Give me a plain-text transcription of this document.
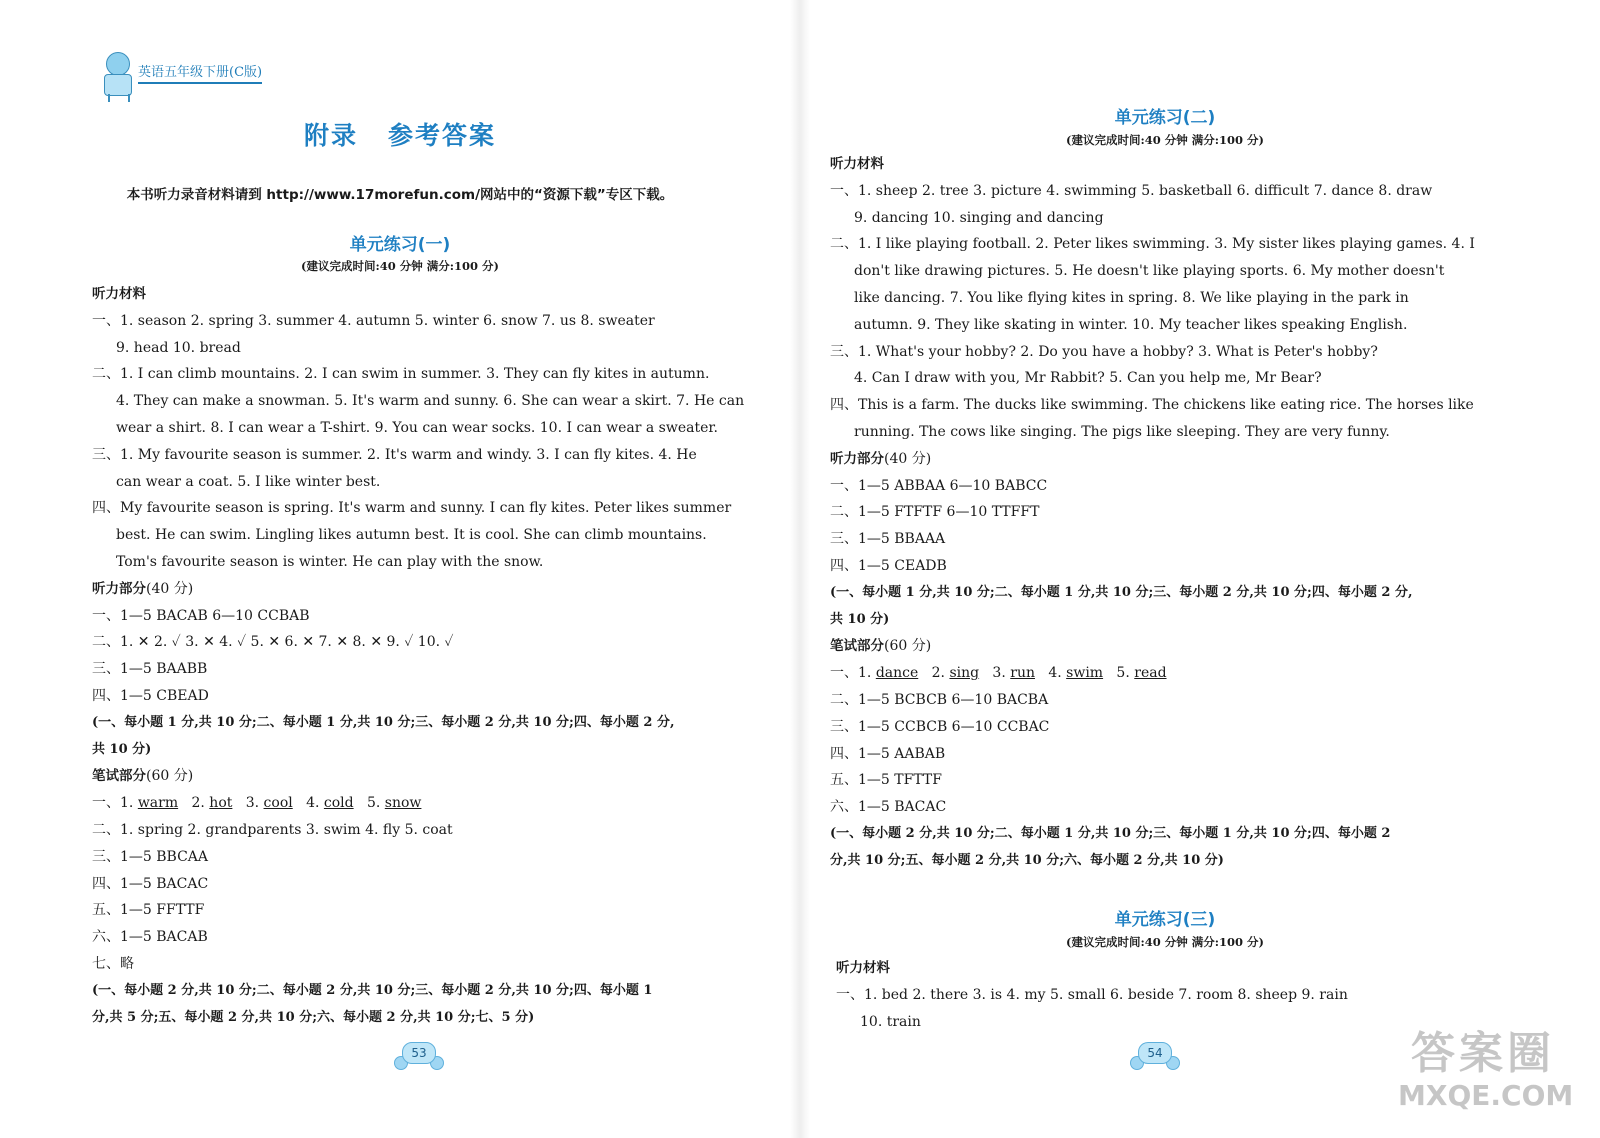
英语五年级下册(C版)
附录 参考答案
本书听力录音材料请到 http://www.17morefun.com/网站中的“资源下载”专区下载。
单元练习(一)
(建议完成时间:40 分钟 满分:100 分)
听力材料
一、1. season 2. spring 3. summer 4. autumn 5. winter 6. snow 7. us 8. sweater
9. head 10. bread
二、1. I can climb mountains. 2. I can swim in summer. 3. They can fly kites in autumn.
4. They can make a snowman. 5. It's warm and sunny. 6. She can wear a skirt. 7. He can
wear a shirt. 8. I can wear a T-shirt. 9. You can wear socks. 10. I can wear a sweater.
三、1. My favourite season is summer. 2. It's warm and windy. 3. I can fly kites. 4. He
can wear a coat. 5. I like winter best.
四、My favourite season is spring. It's warm and sunny. I can fly kites. Peter likes summer
best. He can swim. Lingling likes autumn best. It is cool. She can climb mountains.
Tom's favourite season is winter. He can play with the snow.
听力部分(40 分)
一、1—5 BACAB 6—10 CCBAB
二、1. ✕ 2. ✓ 3. ✕ 4. ✓ 5. ✕ 6. ✕ 7. ✕ 8. ✕ 9. ✓ 10. ✓
三、1—5 BAABB
四、1—5 CBEAD
(一、每小题 1 分,共 10 分;二、每小题 1 分,共 10 分;三、每小题 2 分,共 10 分;四、每小题 2 分,
共 10 分)
笔试部分(60 分)
一、1. warm   2. hot   3. cool   4. cold   5. snow
二、1. spring 2. grandparents 3. swim 4. fly 5. coat
三、1—5 BBCAA
四、1—5 BACAC
五、1—5 FFTTF
六、1—5 BACAB
七、略
(一、每小题 2 分,共 10 分;二、每小题 2 分,共 10 分;三、每小题 2 分,共 10 分;四、每小题 1
分,共 5 分;五、每小题 2 分,共 10 分;六、每小题 2 分,共 10 分;七、5 分)
53
单元练习(二)
(建议完成时间:40 分钟 满分:100 分)
听力材料
一、1. sheep 2. tree 3. picture 4. swimming 5. basketball 6. difficult 7. dance 8. draw
9. dancing 10. singing and dancing
二、1. I like playing football. 2. Peter likes swimming. 3. My sister likes playing games. 4. I
don't like drawing pictures. 5. He doesn't like playing sports. 6. My mother doesn't
like dancing. 7. You like flying kites in spring. 8. We like playing in the park in
autumn. 9. They like skating in winter. 10. My teacher likes speaking English.
三、1. What's your hobby? 2. Do you have a hobby? 3. What is Peter's hobby?
4. Can I draw with you, Mr Rabbit? 5. Can you help me, Mr Bear?
四、This is a farm. The ducks like swimming. The chickens like eating rice. The horses like
running. The cows like singing. The pigs like sleeping. They are very funny.
听力部分(40 分)
一、1—5 ABBAA 6—10 BABCC
二、1—5 FTFTF 6—10 TTFFT
三、1—5 BBAAA
四、1—5 CEADB
(一、每小题 1 分,共 10 分;二、每小题 1 分,共 10 分;三、每小题 2 分,共 10 分;四、每小题 2 分,
共 10 分)
笔试部分(60 分)
一、1. dance   2. sing   3. run   4. swim   5. read
二、1—5 BCBCB 6—10 BACBA
三、1—5 CCBCB 6—10 CCBAC
四、1—5 AABAB
五、1—5 TFTTF
六、1—5 BACAC
(一、每小题 2 分,共 10 分;二、每小题 1 分,共 10 分;三、每小题 1 分,共 10 分;四、每小题 2
分,共 10 分;五、每小题 2 分,共 10 分;六、每小题 2 分,共 10 分)
单元练习(三)
(建议完成时间:40 分钟 满分:100 分)
听力材料
一、1. bed 2. there 3. is 4. my 5. small 6. beside 7. room 8. sheep 9. rain
10. train
54	答案圈
MXQE.COM
